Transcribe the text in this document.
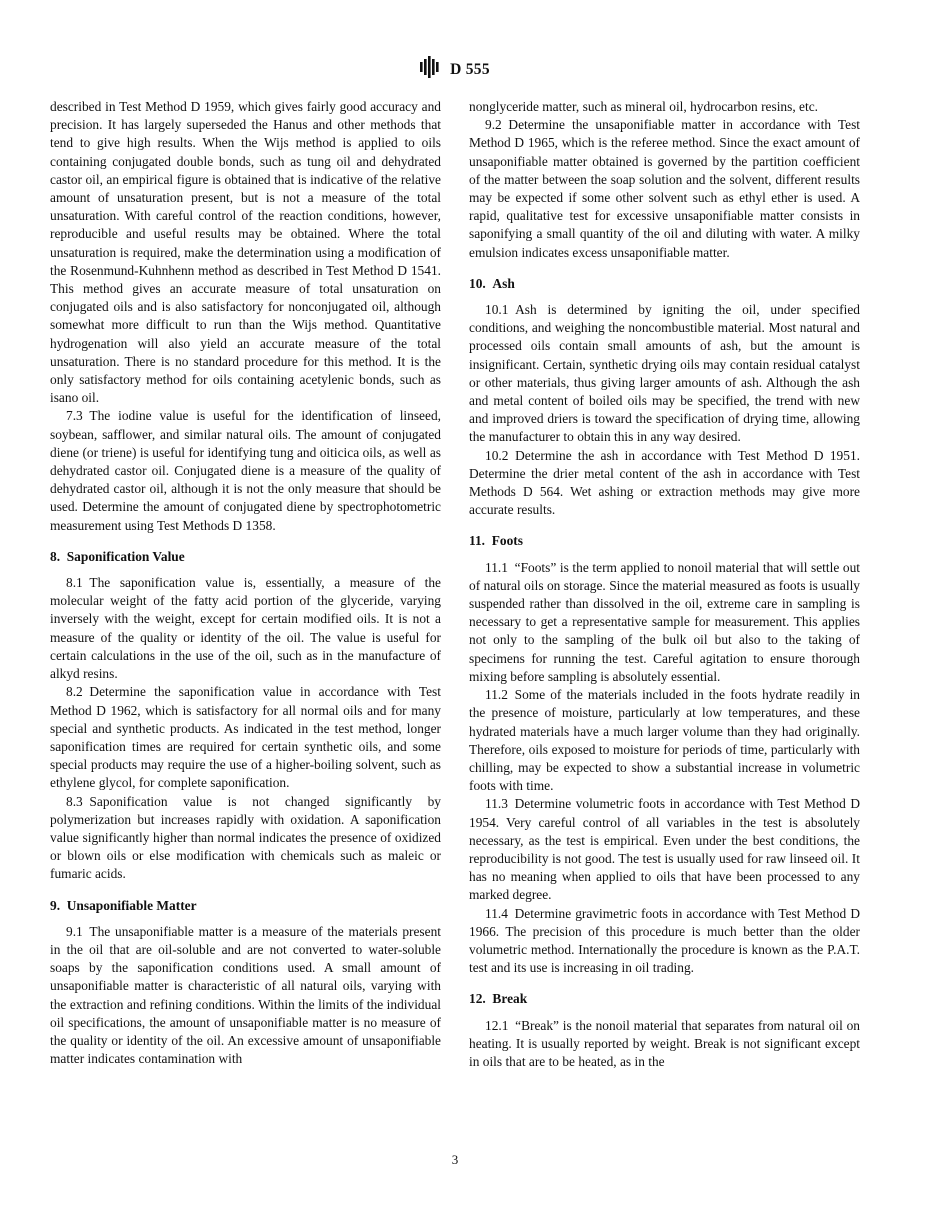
D 555

described in Test Method D 1959, which gives fairly good accuracy and precision. It has largely superseded the Hanus and other methods that tend to give high results. When the Wijs method is applied to oils containing conjugated double bonds, such as tung oil and dehydrated castor oil, an empirical figure is obtained that is indicative of the relative amount of unsaturation present, but is not a measure of the total unsaturation. With careful control of the reaction conditions, however, reproducible and useful results may be obtained. Where the total unsaturation is required, make the determination using a modification of the Rosenmund-Kuhnhenn method as described in Test Method D 1541. This method gives an accurate measure of total unsaturation on conjugated oils and is also satisfactory for nonconjugated oil, although somewhat more difficult to run than the Wijs method. Quantitative hydrogenation will also yield an accurate measure of the total unsaturation. There is no standard procedure for this method. It is the only satisfactory method for oils containing acetylenic bonds, such as isano oil.

7.3 The iodine value is useful for the identification of linseed, soybean, safflower, and similar natural oils. The amount of conjugated diene (or triene) is useful for identifying tung and oiticica oils, as well as dehydrated castor oil. Conjugated diene is a measure of the quality of dehydrated castor oil, although it is not the only measure that should be used. Determine the amount of conjugated diene by spectrophotometric measurement using Test Methods D 1358.

8. Saponification Value

8.1 The saponification value is, essentially, a measure of the molecular weight of the fatty acid portion of the glyceride, varying inversely with the weight, except for certain modified oils. It is not a measure of the quality or identity of the oil. The value is useful for certain calculations in the use of the oil, such as in the manufacture of alkyd resins.

8.2 Determine the saponification value in accordance with Test Method D 1962, which is satisfactory for all normal oils and for many special and synthetic products. As indicated in the test method, longer saponification times are required for certain synthetic oils, and some special products may require the use of a higher-boiling solvent, such as ethylene glycol, for complete saponification.

8.3 Saponification value is not changed significantly by polymerization but increases rapidly with oxidation. A saponification value significantly higher than normal indicates the presence of oxidized or blown oils or else modification with chemicals such as maleic or fumaric acids.

9. Unsaponifiable Matter

9.1 The unsaponifiable matter is a measure of the materials present in the oil that are oil-soluble and are not converted to water-soluble soaps by the saponification conditions used. A small amount of unsaponifiable matter is characteristic of all natural oils, varying with the extraction and refining conditions. Within the limits of the individual oil specifications, the amount of unsaponifiable matter is no measure of the quality or identity of the oil. An excessive amount of unsaponifiable matter indicates contamination with

nonglyceride matter, such as mineral oil, hydrocarbon resins, etc.

9.2 Determine the unsaponifiable matter in accordance with Test Method D 1965, which is the referee method. Since the exact amount of unsaponifiable matter obtained is governed by the partition coefficient of the matter between the soap solution and the solvent, different results may be expected if some other solvent such as ethyl ether is used. A rapid, qualitative test for excessive unsaponifiable matter consists in saponifying a small quantity of the oil and diluting with water. A milky emulsion indicates excess unsaponifiable matter.

10. Ash

10.1 Ash is determined by igniting the oil, under specified conditions, and weighing the noncombustible material. Most natural and processed oils contain small amounts of ash, but the amount is insignificant. Certain, synthetic drying oils may contain residual catalyst or other materials, thus giving larger amounts of ash. Although the ash and metal content of boiled oils may be specified, the trend with new and improved driers is toward the specification of drying time, allowing the manufacturer to obtain this in any way desired.

10.2 Determine the ash in accordance with Test Method D 1951. Determine the drier metal content of the ash in accordance with Test Methods D 564. Wet ashing or extraction methods may give more accurate results.

11. Foots

11.1 “Foots” is the term applied to nonoil material that will settle out of natural oils on storage. Since the material measured as foots is usually suspended rather than dissolved in the oil, extreme care in sampling is necessary to get a representative sample for measurement. This applies not only to the sampling of the bulk oil but also to the taking of specimens for running the test. Careful agitation to ensure thorough mixing before sampling is absolutely essential.

11.2 Some of the materials included in the foots hydrate readily in the presence of moisture, particularly at low temperatures, and these hydrated materials have a much larger volume than they had originally. Therefore, oils exposed to moisture for periods of time, particularly with chilling, may be expected to show a substantial increase in volumetric foots with time.

11.3 Determine volumetric foots in accordance with Test Method D 1954. Very careful control of all variables in the test is absolutely necessary, as the test is empirical. Even under the best conditions, the reproducibility is not good. The test is usually used for raw linseed oil. It has no meaning when applied to oils that have been processed to any marked degree.

11.4 Determine gravimetric foots in accordance with Test Method D 1966. The precision of this procedure is much better than the older volumetric method. Internationally the procedure is known as the P.A.T. test and its use is increasing in oil trading.

12. Break

12.1 “Break” is the nonoil material that separates from natural oil on heating. It is usually reported by weight. Break is not significant except in oils that are to be heated, as in the

3
